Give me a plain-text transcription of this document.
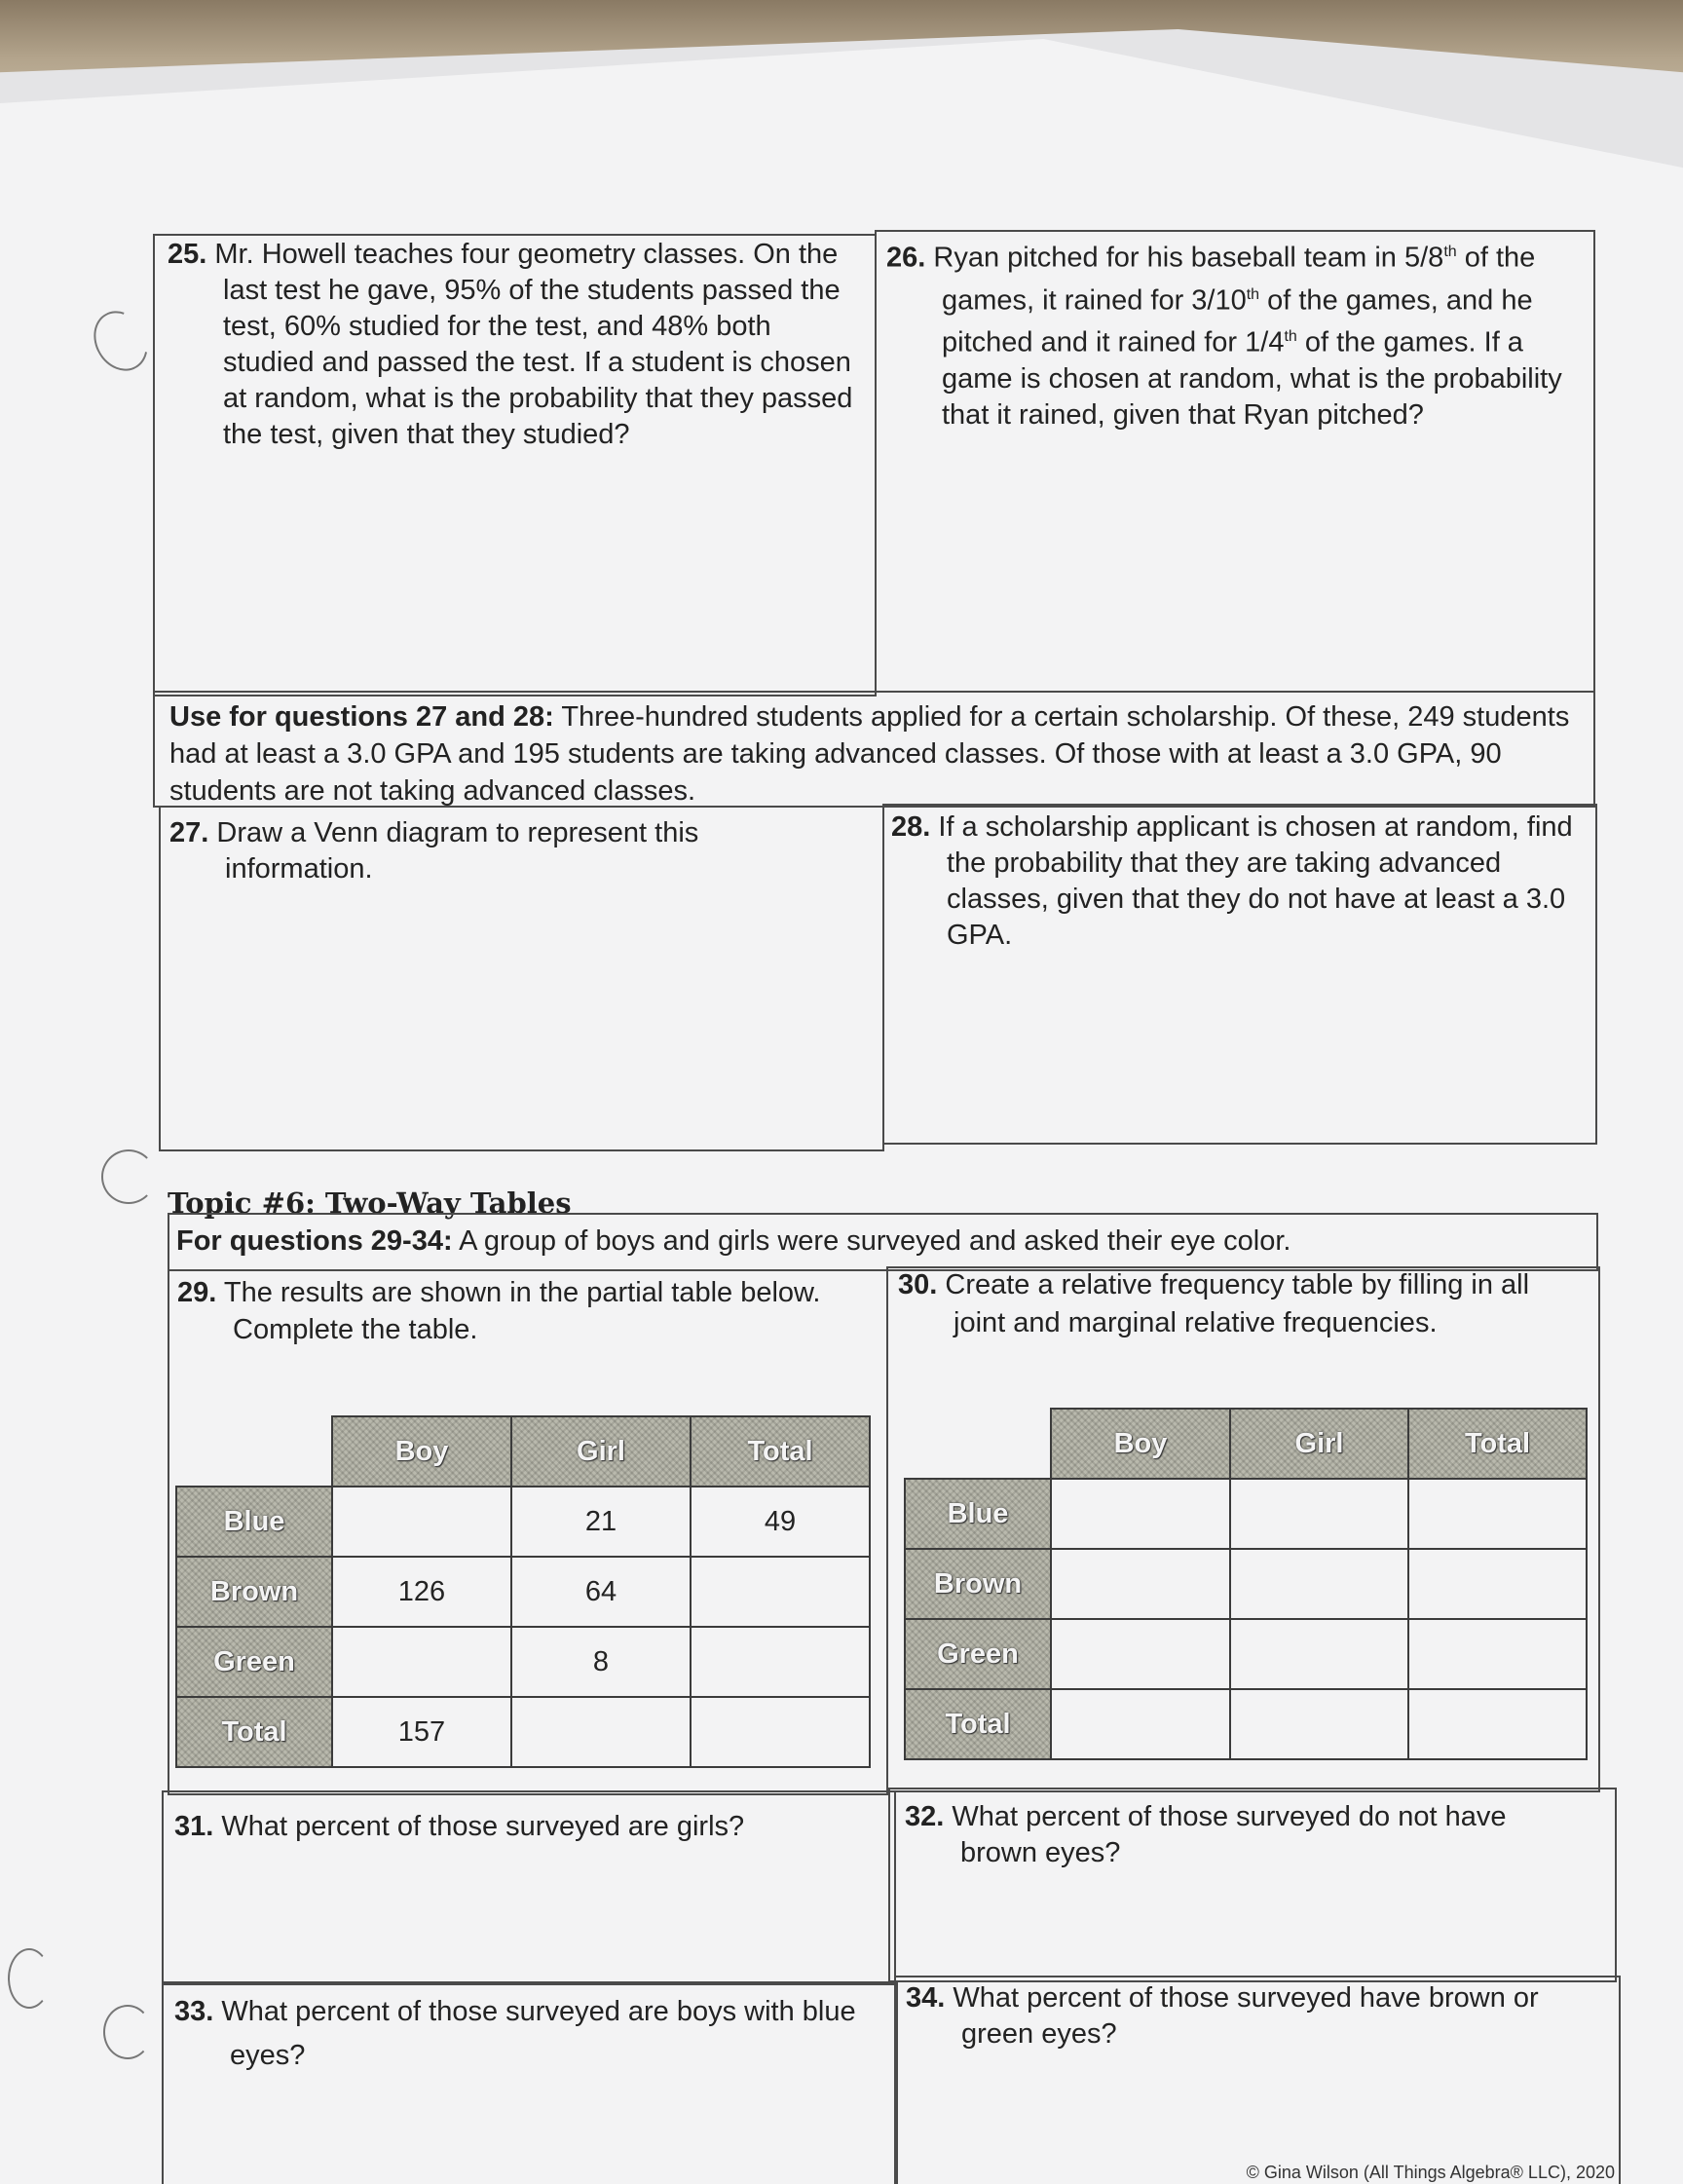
25. Mr. Howell teaches four geometry classes. On the last test he gave, 95% of the students passed the test, 60% studied for the test, and 48% both studied and passed the test. If a student is chosen at random, what is the probability that they passed the test, given that they studied?
26. Ryan pitched for his baseball team in 5/8th of the games, it rained for 3/10th of the games, and he pitched and it rained for 1/4th of the games. If a game is chosen at random, what is the probability that it rained, given that Ryan pitched?
Use for questions 27 and 28: Three-hundred students applied for a certain scholarship. Of these, 249 students had at least a 3.0 GPA and 195 students are taking advanced classes. Of those with at least a 3.0 GPA, 90 students are not taking advanced classes.
27. Draw a Venn diagram to represent this information.
28. If a scholarship applicant is chosen at random, find the probability that they are taking advanced classes, given that they do not have at least a 3.0 GPA.
Topic #6: Two-Way Tables
For questions 29-34: A group of boys and girls were surveyed and asked their eye color.
29. The results are shown in the partial table below. Complete the table.
30. Create a relative frequency table by filling in all joint and marginal relative frequencies.
	Boy	Girl	Total
Blue		21	49
Brown	126	64	
Green		8	
Total	157		
	Boy	Girl	Total
Blue			
Brown			
Green			
Total			
31. What percent of those surveyed are girls?	32. What percent of those surveyed do not have brown eyes?
33. What percent of those surveyed are boys with blue eyes?
34. What percent of those surveyed have brown or green eyes?
© Gina Wilson (All Things Algebra® LLC), 2020
